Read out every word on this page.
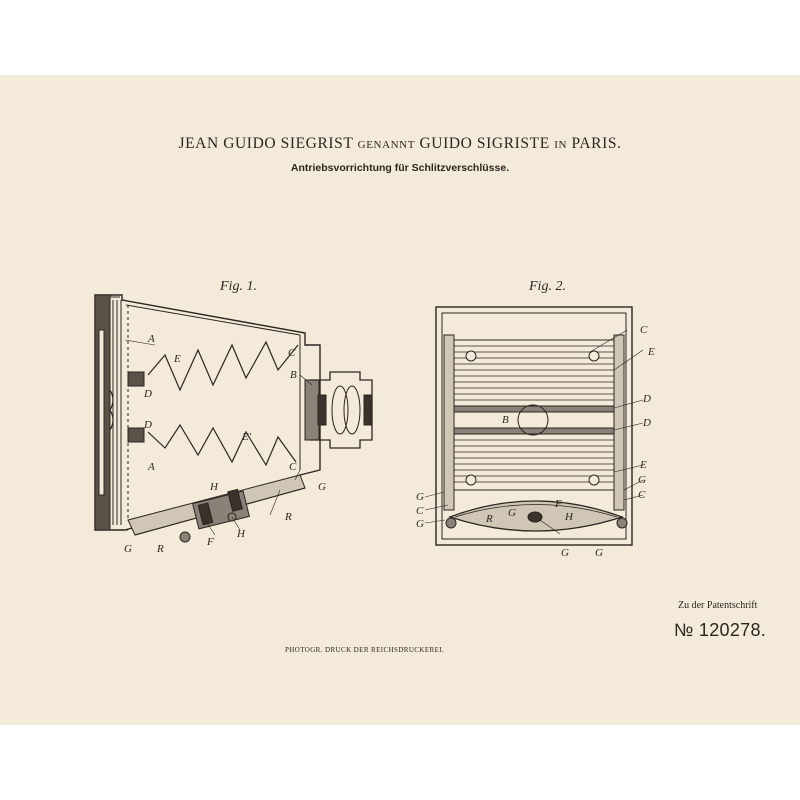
JEAN GUIDO SIEGRIST GENANNT GUIDO SIGRISTE IN PARIS.
Antriebsvorrichtung für Schlitzverschlüsse.
Fig. 1.	Fig. 2.
A
E	C
B
D
D
E'
A	C
G
H
R
H
F
R
G
C
E
D
B	D
E
G
C
G
C
G	R G
F
H
G G
PHOTOGR. DRUCK DER REICHSDRUCKEREI.
Zu der Patentschrift
№ 120278.
